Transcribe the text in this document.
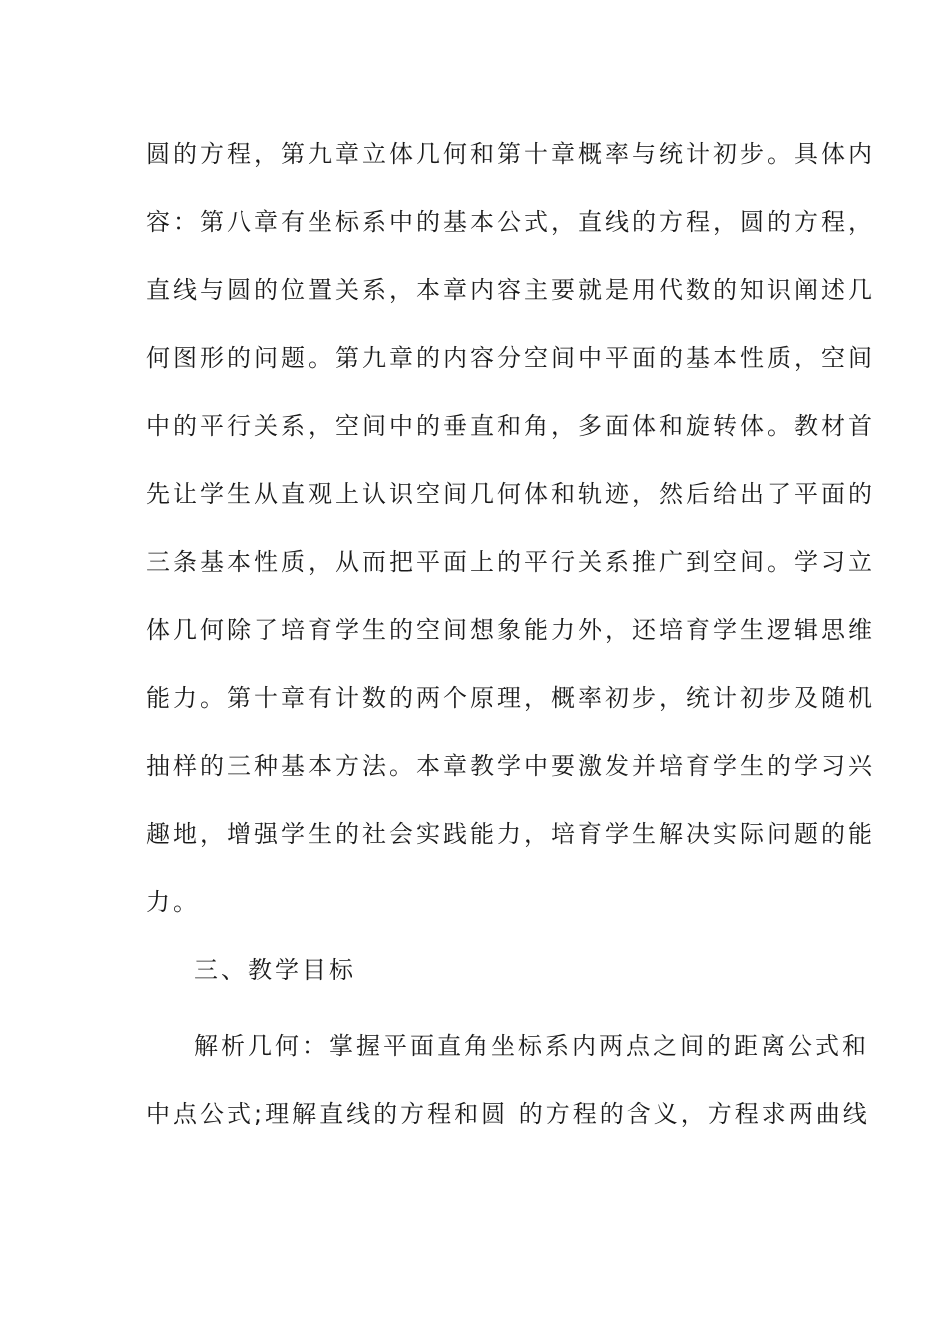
圆的方程，第九章立体几何和第十章概率与统计初步。具体内
容：第八章有坐标系中的基本公式，直线的方程，圆的方程，
直线与圆的位置关系，本章内容主要就是用代数的知识阐述几
何图形的问题。第九章的内容分空间中平面的基本性质，空间
中的平行关系，空间中的垂直和角，多面体和旋转体。教材首
先让学生从直观上认识空间几何体和轨迹，然后给出了平面的
三条基本性质，从而把平面上的平行关系推广到空间。学习立
体几何除了培育学生的空间想象能力外，还培育学生逻辑思维
能力。第十章有计数的两个原理，概率初步，统计初步及随机
抽样的三种基本方法。本章教学中要激发并培育学生的学习兴
趣地，增强学生的社会实践能力，培育学生解决实际问题的能
力。
三、教学目标
解析几何：掌握平面直角坐标系内两点之间的距离公式和
中点公式;理解直线的方程和圆 的方程的含义，方程求两曲线
